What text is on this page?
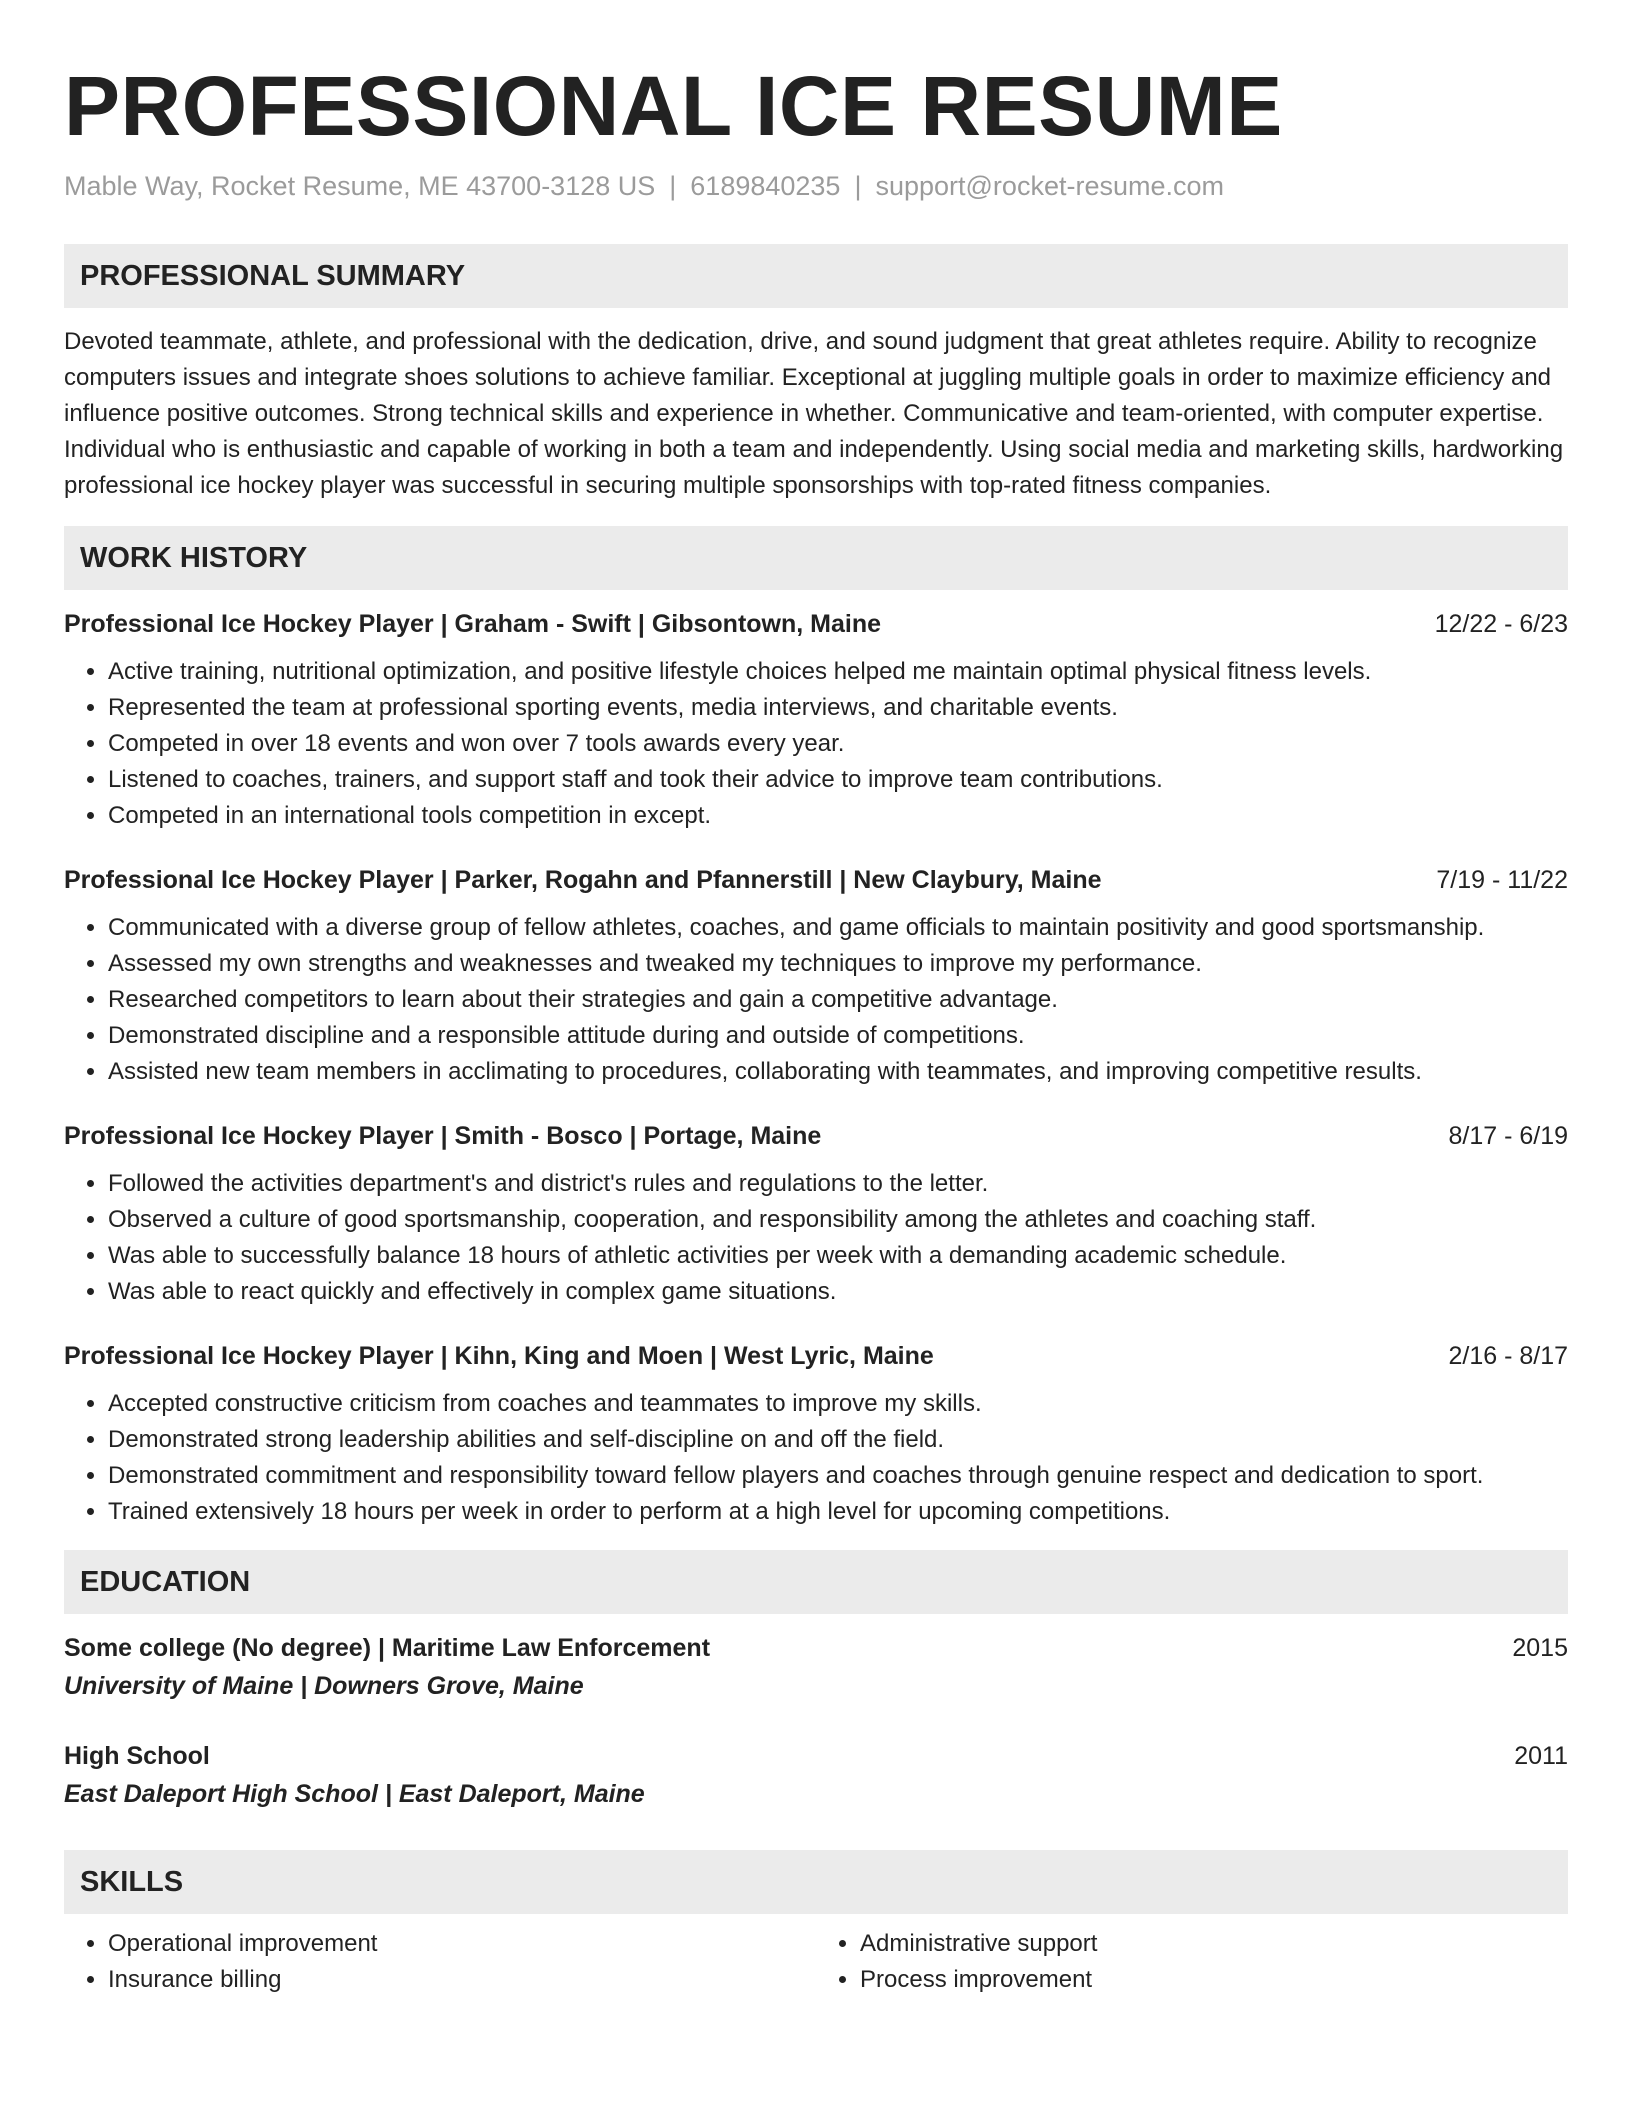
PROFESSIONAL ICE RESUME
Mable Way, Rocket Resume, ME 43700-3128 US | 6189840235 | support@rocket-resume.com
PROFESSIONAL SUMMARY

Devoted teammate, athlete, and professional with the dedication, drive, and sound judgment that great athletes require. Ability to recognize computers issues and integrate shoes solutions to achieve familiar. Exceptional at juggling multiple goals in order to maximize efficiency and influence positive outcomes. Strong technical skills and experience in whether. Communicative and team-oriented, with computer expertise. Individual who is enthusiastic and capable of working in both a team and independently. Using social media and marketing skills, hardworking professional ice hockey player was successful in securing multiple sponsorships with top-rated fitness companies.

WORK HISTORY
Professional Ice Hockey Player | Graham - Swift | Gibsontown, Maine	12/22 - 6/23
• Active training, nutritional optimization, and positive lifestyle choices helped me maintain optimal physical fitness levels.
• Represented the team at professional sporting events, media interviews, and charitable events.
• Competed in over 18 events and won over 7 tools awards every year.
• Listened to coaches, trainers, and support staff and took their advice to improve team contributions.
• Competed in an international tools competition in except.
Professional Ice Hockey Player | Parker, Rogahn and Pfannerstill | New Claybury, Maine	7/19 - 11/22
• Communicated with a diverse group of fellow athletes, coaches, and game officials to maintain positivity and good sportsmanship.
• Assessed my own strengths and weaknesses and tweaked my techniques to improve my performance.
• Researched competitors to learn about their strategies and gain a competitive advantage.
• Demonstrated discipline and a responsible attitude during and outside of competitions.
• Assisted new team members in acclimating to procedures, collaborating with teammates, and improving competitive results.
Professional Ice Hockey Player | Smith - Bosco | Portage, Maine	8/17 - 6/19
• Followed the activities department's and district's rules and regulations to the letter.
• Observed a culture of good sportsmanship, cooperation, and responsibility among the athletes and coaching staff.
• Was able to successfully balance 18 hours of athletic activities per week with a demanding academic schedule.
• Was able to react quickly and effectively in complex game situations.
Professional Ice Hockey Player | Kihn, King and Moen | West Lyric, Maine	2/16 - 8/17
• Accepted constructive criticism from coaches and teammates to improve my skills.
• Demonstrated strong leadership abilities and self-discipline on and off the field.
• Demonstrated commitment and responsibility toward fellow players and coaches through genuine respect and dedication to sport.
• Trained extensively 18 hours per week in order to perform at a high level for upcoming competitions.
EDUCATION
Some college (No degree) | Maritime Law Enforcement	2015
University of Maine | Downers Grove, Maine
High School	2011
East Daleport High School | East Daleport, Maine
SKILLS
• Operational improvement
• Insurance billing
• Administrative support
• Process improvement
